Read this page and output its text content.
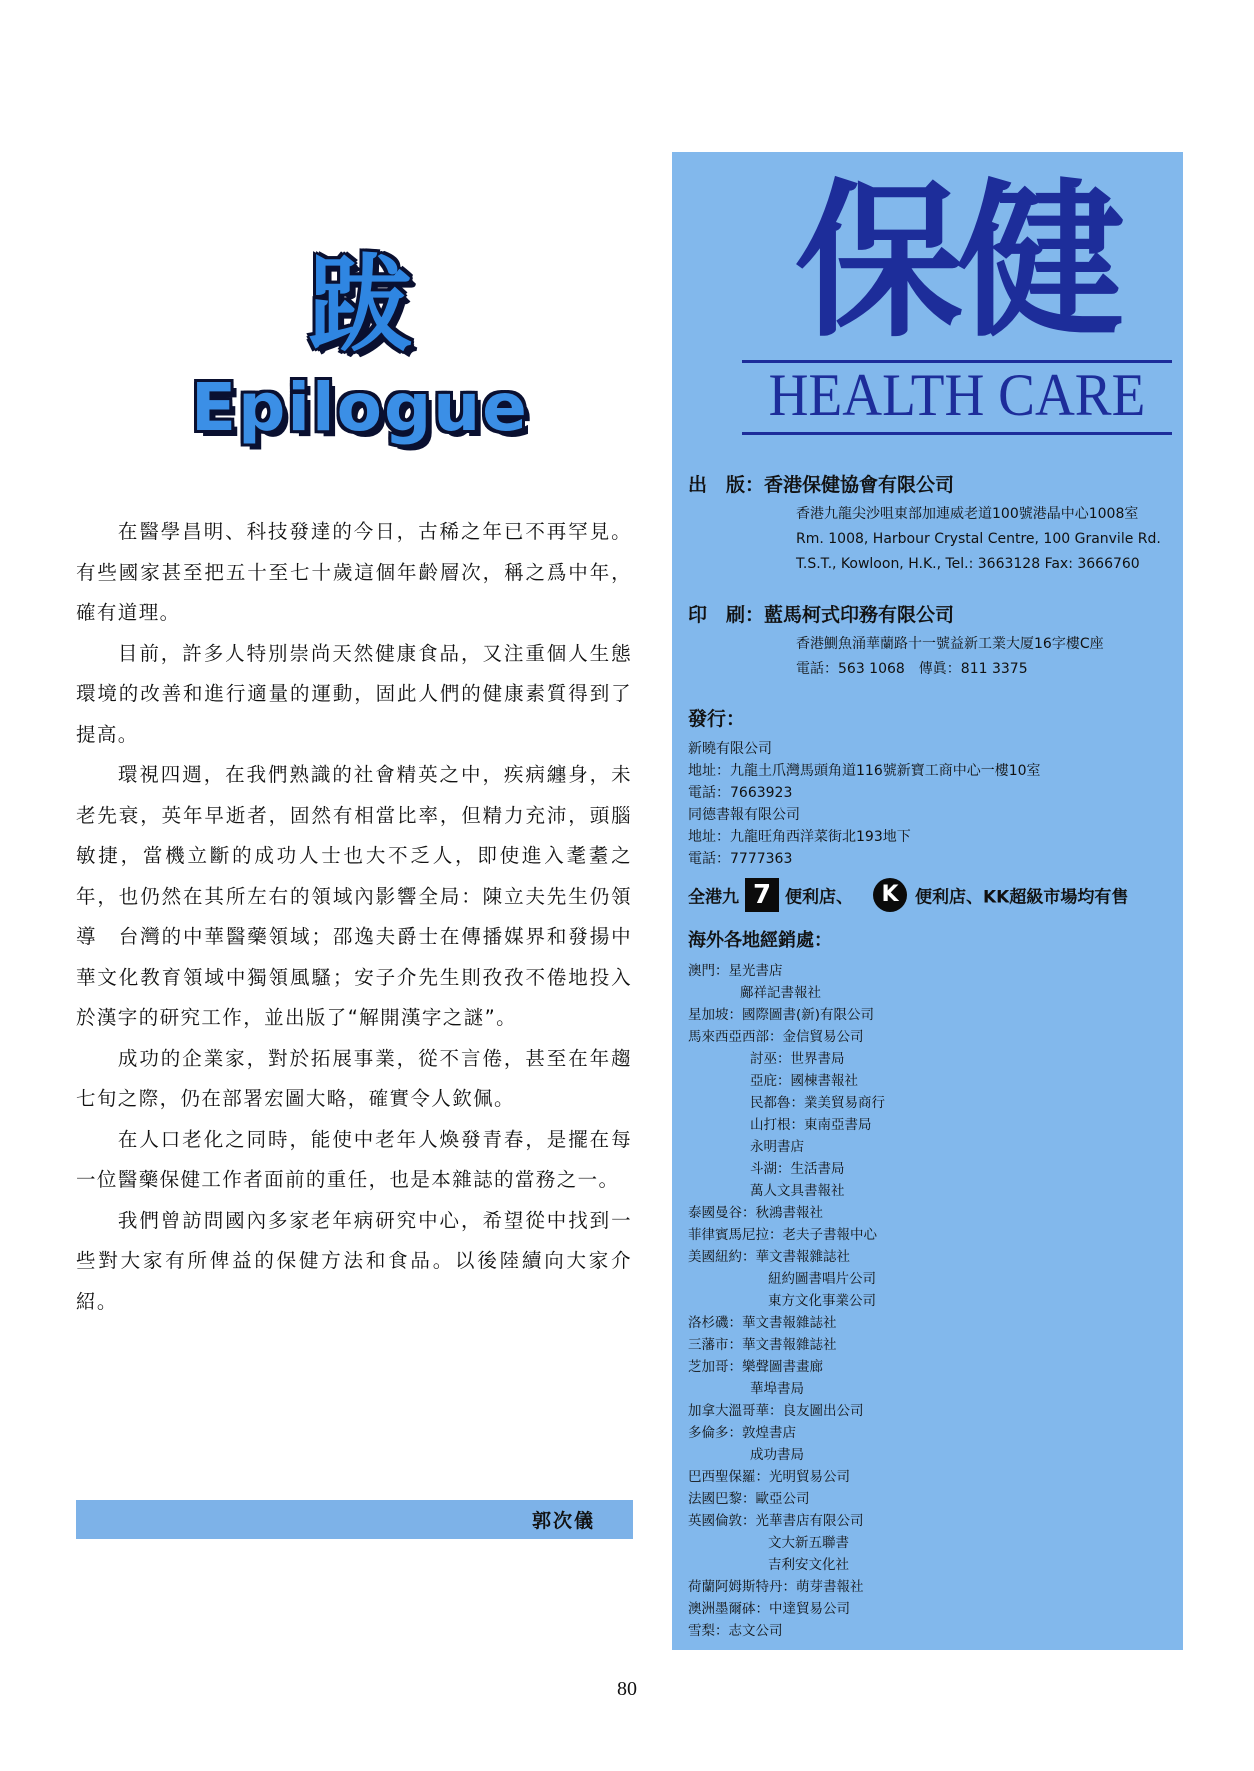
跋
Epilogue

在醫學昌明、科技發達的今日，古稀之年已不再罕見。有些國家甚至把五十至七十歲這個年齡層次，稱之爲中年，確有道理。

目前，許多人特別崇尚天然健康食品，又注重個人生態環境的改善和進行適量的運動，固此人們的健康素質得到了提高。

環視四週，在我們熟識的社會精英之中，疾病纏身，未老先衰，英年早逝者，固然有相當比率，但精力充沛，頭腦敏捷，當機立斷的成功人士也大不乏人，即使進入耄耋之年，也仍然在其所左右的領域內影響全局：陳立夫先生仍領導　台灣的中華醫藥領域；邵逸夫爵士在傳播媒界和發揚中華文化教育領域中獨領風騷；安子介先生則孜孜不倦地投入於漢字的研究工作，並出版了“解開漢字之謎”。

成功的企業家，對於拓展事業，從不言倦，甚至在年趨七旬之際，仍在部署宏圖大略，確實令人欽佩。

在人口老化之同時，能使中老年人煥發青春，是擺在每一位醫藥保健工作者面前的重任，也是本雜誌的當務之一。

我們曾訪問國內多家老年病研究中心，希望從中找到一些對大家有所俾益的保健方法和食品。以後陸續向大家介紹。

郭次儀
保健
HEALTH CARE
出　版：香港保健協會有限公司
香港九龍尖沙咀東部加連威老道100號港晶中心1008室
Rm. 1008, Harbour Crystal Centre, 100 Granvile Rd.
T.S.T., Kowloon, H.K., Tel.: 3663128 Fax: 3666760
印　刷：藍馬柯式印務有限公司
香港鰂魚涌華蘭路十一號益新工業大厦16字樓C座
電話：563 1068　傳眞：811 3375
發行：
新曉有限公司
地址：九龍土爪灣馬頭角道116號新寶工商中心一樓10室
電話：7663923
同德書報有限公司
地址：九龍旺角西洋菜街北193地下
電話：7777363
全港九 7 便利店、 K 便利店、KK超級市場均有售
海外各地經銷處：
澳門：星光書店
鄺祥記書報社
星加坡：國際圖書(新)有限公司
馬來西亞西部：金信貿易公司
討巫：世界書局
亞庇：國棟書報社
民都魯：業美貿易商行
山打根：東南亞書局
永明書店
斗湖：生活書局
萬人文具書報社
泰國曼谷：秋鴻書報社
菲律賓馬尼拉：老夫子書報中心
美國紐約：華文書報雜誌社
紐約圖書唱片公司
東方文化事業公司
洛杉磯：華文書報雜誌社
三藩市：華文書報雜誌社
芝加哥：樂聲圖書畫廊
華埠書局
加拿大溫哥華：良友圖出公司
多倫多：敦煌書店
成功書局
巴西聖保羅：光明貿易公司
法國巴黎：歐亞公司
英國倫敦：光華書店有限公司
文大新五聯書
吉利安文化社
荷蘭阿姆斯特丹：萌芽書報社
澳洲墨爾砵：中達貿易公司
雪梨：志文公司
80
